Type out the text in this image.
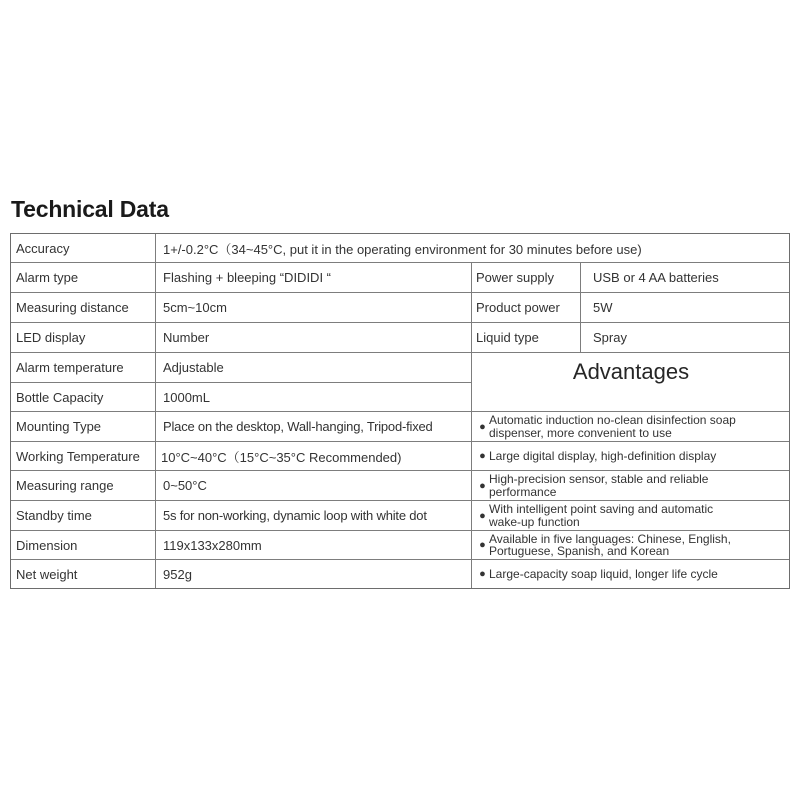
Technical Data
Accuracy
Alarm type
Measuring distance
LED display
Alarm temperature
Bottle Capacity
Mounting Type
Working Temperature
Measuring range
Standby time
Dimension
Net weight
1+/-0.2°C（34~45°C, put it in the operating environment for 30 minutes before use)
Flashing + bleeping “DIDIDI “
5cm~10cm
Number
Adjustable
1000mL
Place on the desktop, Wall-hanging, Tripod-fixed
10°C~40°C（15°C~35°C Recommended)
0~50°C
5s for non-working, dynamic loop with white dot
119x133x280mm
952g
Power supply
Product power
Liquid type
USB or 4 AA batteries
5W
Spray
Advantages
● Automatic induction no-clean disinfection soap
dispenser, more convenient to use
● Large digital display, high-definition display
● High-precision sensor, stable and reliable
performance
● With intelligent point saving and automatic
wake-up function
● Available in five languages: Chinese, English,
Portuguese, Spanish, and Korean
● Large-capacity soap liquid, longer life cycle
